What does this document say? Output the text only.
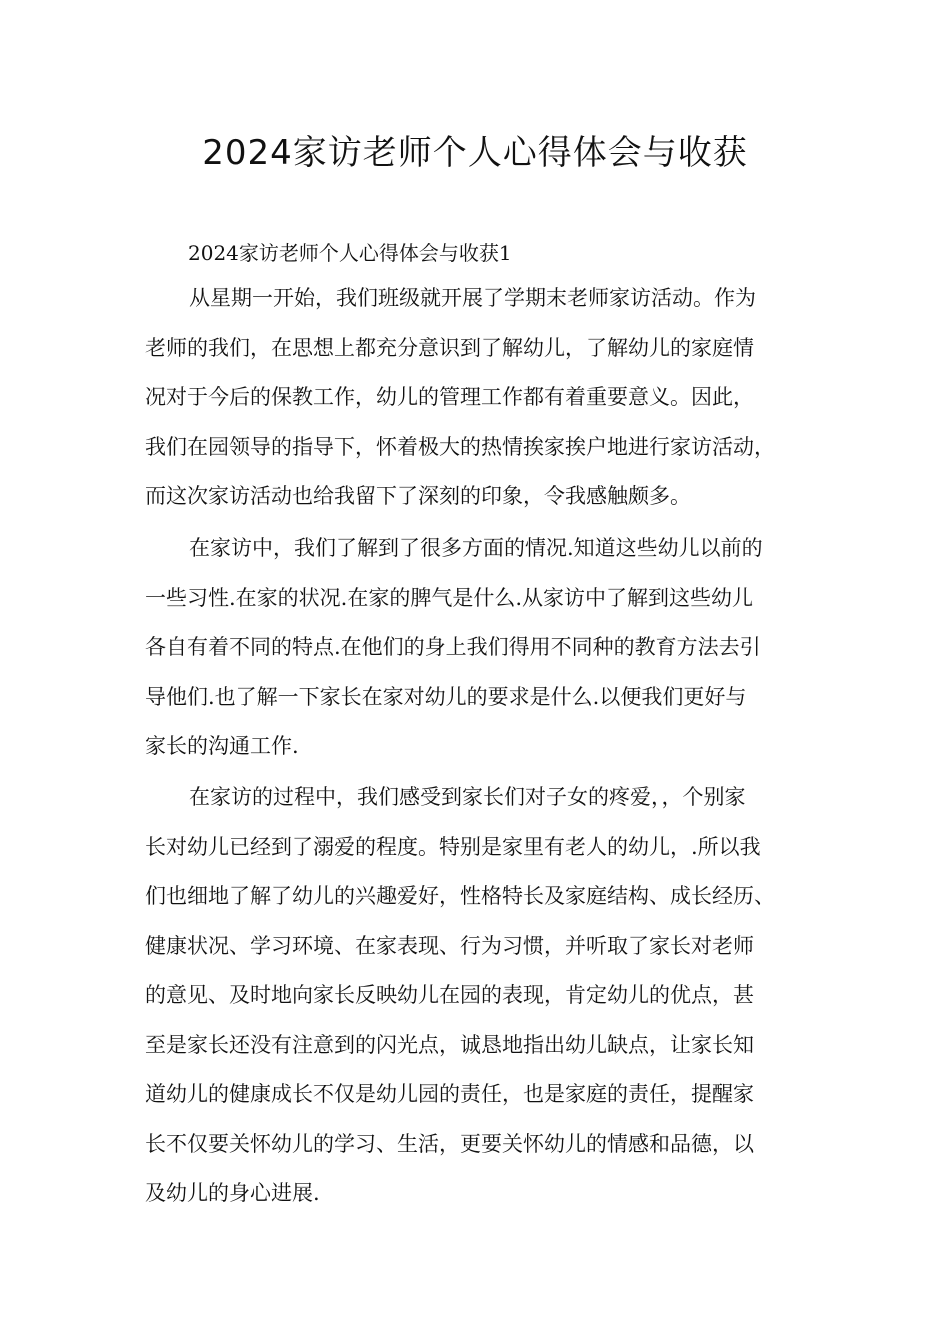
2024家访老师个人心得体会与收获
2024家访老师个人心得体会与收获1
从星期一开始，我们班级就开展了学期末老师家访活动。作为
老师的我们，在思想上都充分意识到了解幼儿，了解幼儿的家庭情
况对于今后的保教工作，幼儿的管理工作都有着重要意义。因此，
我们在园领导的指导下，怀着极大的热情挨家挨户地进行家访活动，
而这次家访活动也给我留下了深刻的印象，令我感触颇多。
在家访中，我们了解到了很多方面的情况.知道这些幼儿以前的
一些习性.在家的状况.在家的脾气是什么.从家访中了解到这些幼儿
各自有着不同的特点.在他们的身上我们得用不同种的教育方法去引
导他们.也了解一下家长在家对幼儿的要求是什么.以便我们更好与
家长的沟通工作.
在家访的过程中，我们感受到家长们对子女的疼爱，，个别家
长对幼儿已经到了溺爱的程度。特别是家里有老人的幼儿，.所以我
们也细地了解了幼儿的兴趣爱好，性格特长及家庭结构、成长经历、
健康状况、学习环境、在家表现、行为习惯，并听取了家长对老师
的意见、及时地向家长反映幼儿在园的表现，肯定幼儿的优点，甚
至是家长还没有注意到的闪光点，诚恳地指出幼儿缺点，让家长知
道幼儿的健康成长不仅是幼儿园的责任，也是家庭的责任，提醒家
长不仅要关怀幼儿的学习、生活，更要关怀幼儿的情感和品德，以
及幼儿的身心进展.
